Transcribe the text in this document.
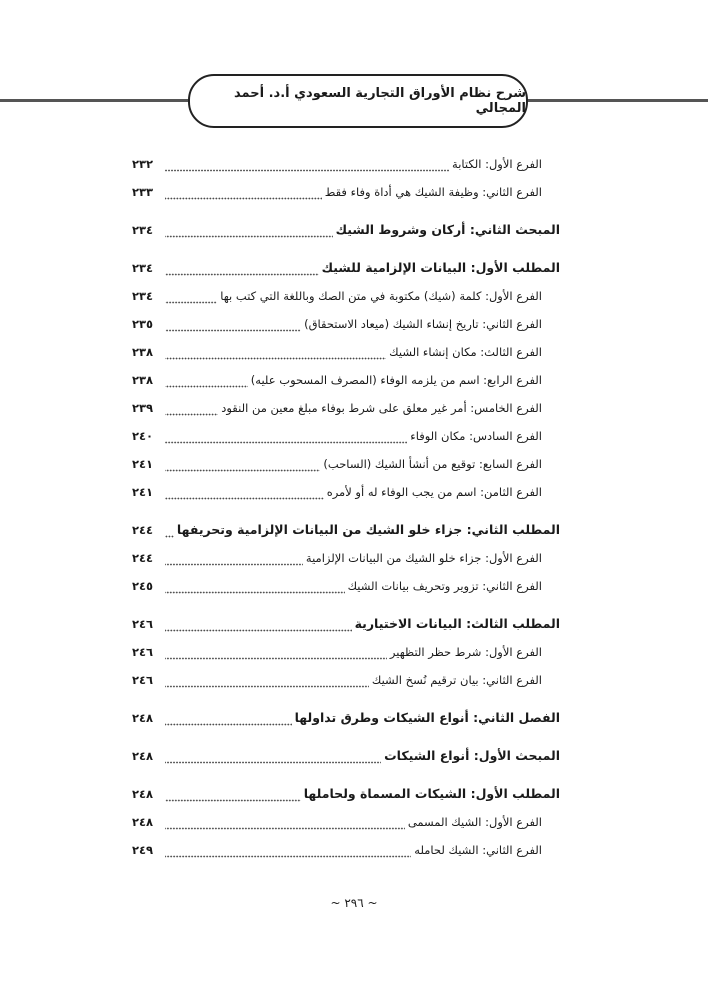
شرح نظام الأوراق التجارية السعودي أ.د. أحمد المجالي
الفرع الأول: الكتابة
٢٣٢
الفرع الثاني: وظيفة الشيك هي أداة وفاء فقط
٢٣٣
المبحث الثاني: أركان وشروط الشيك
٢٣٤
المطلب الأول: البيانات الإلزامية للشيك
٢٣٤
الفرع الأول: كلمة (شيك) مكتوبة في متن الصك وباللغة التي كتب بها
٢٣٤
الفرع الثاني: تاريخ إنشاء الشيك (ميعاد الاستحقاق)
٢٣٥
الفرع الثالث: مكان إنشاء الشيك
٢٣٨
الفرع الرابع: اسم من يلزمه الوفاء (المصرف المسحوب عليه)
٢٣٨
الفرع الخامس: أمر غير معلق على شرط بوفاء مبلغ معين من النقود
٢٣٩
الفرع السادس: مكان الوفاء
٢٤٠
الفرع السابع: توقيع من أنشأ الشيك (الساحب)
٢٤١
الفرع الثامن: اسم من يجب الوفاء له أو لأمره
٢٤١
المطلب الثاني: جزاء خلو الشيك من البيانات الإلزامية وتحريفها
٢٤٤
الفرع الأول: جزاء خلو الشيك من البيانات الإلزامية
٢٤٤
الفرع الثاني: تزوير وتحريف بيانات الشيك
٢٤٥
المطلب الثالث: البيانات الاختيارية
٢٤٦
الفرع الأول: شرط حظر التظهير
٢٤٦
الفرع الثاني: بيان ترقيم نُسخ الشيك
٢٤٦
الفصل الثاني: أنواع الشيكات وطرق تداولها
٢٤٨
المبحث الأول: أنواع الشيكات
٢٤٨
المطلب الأول: الشيكات المسماة ولحاملها
٢٤٨
الفرع الأول: الشيك المسمى
٢٤٨
الفرع الثاني: الشيك لحامله
٢٤٩
~ ٢٩٦ ~
